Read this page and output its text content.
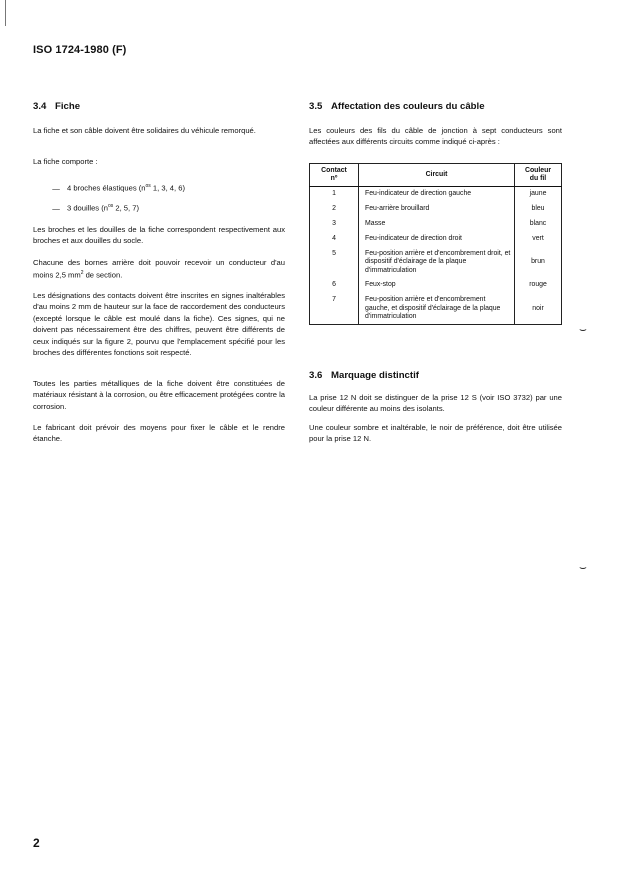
ISO 1724-1980 (F)
3.4 Fiche
La fiche et son câble doivent être solidaires du véhicule remorqué.
La fiche comporte :
— 4 broches élastiques ($n^{os}$ 1, 3, 4, 6)
— 3 douilles ($n^{os}$ 2, 5, 7)
Les broches et les douilles de la fiche correspondent respectivement aux broches et aux douilles du socle.
Chacune des bornes arrière doit pouvoir recevoir un conducteur d'au moins 2,5 $mm^2$ de section.
Les désignations des contacts doivent être inscrites en signes inaltérables d'au moins 2 mm de hauteur sur la face de raccordement des conducteurs (excepté lorsque le câble est moulé dans la fiche). Ces signes, qui ne doivent pas nécessairement être des chiffres, peuvent être différents de ceux indiqués sur la figure 2, pourvu que l'emplacement spécifié pour les broches des différentes fonctions soit respecté.
Toutes les parties métalliques de la fiche doivent être constituées de matériaux résistant à la corrosion, ou être efficacement protégées contre la corrosion.
Le fabricant doit prévoir des moyens pour fixer le câble et le rendre étanche.
3.5 Affectation des couleurs du câble
Les couleurs des fils du câble de jonction à sept conducteurs sont affectées aux différents circuits comme indiqué ci-après :
Contact
nº	Circuit	Couleur
du fil
1	Feu-indicateur de direction gauche	jaune
2	Feu-arrière brouillard	bleu
3	Masse	blanc
4	Feu-indicateur de direction droit	vert
5	Feu-position arrière et d'encombrement droit, et dispositif d'éclairage de la plaque d'immatriculation	brun
6	Feux-stop	rouge
7	Feu-position arrière et d'encombrement gauche, et dispositif d'éclairage de la plaque d'immatriculation	noir
3.6 Marquage distinctif
La prise 12 N doit se distinguer de la prise 12 S (voir ISO 3732) par une couleur différente au moins des isolants.
Une couleur sombre et inaltérable, le noir de préférence, doit être utilisée pour la prise 12 N.
⌣
⌣
2
